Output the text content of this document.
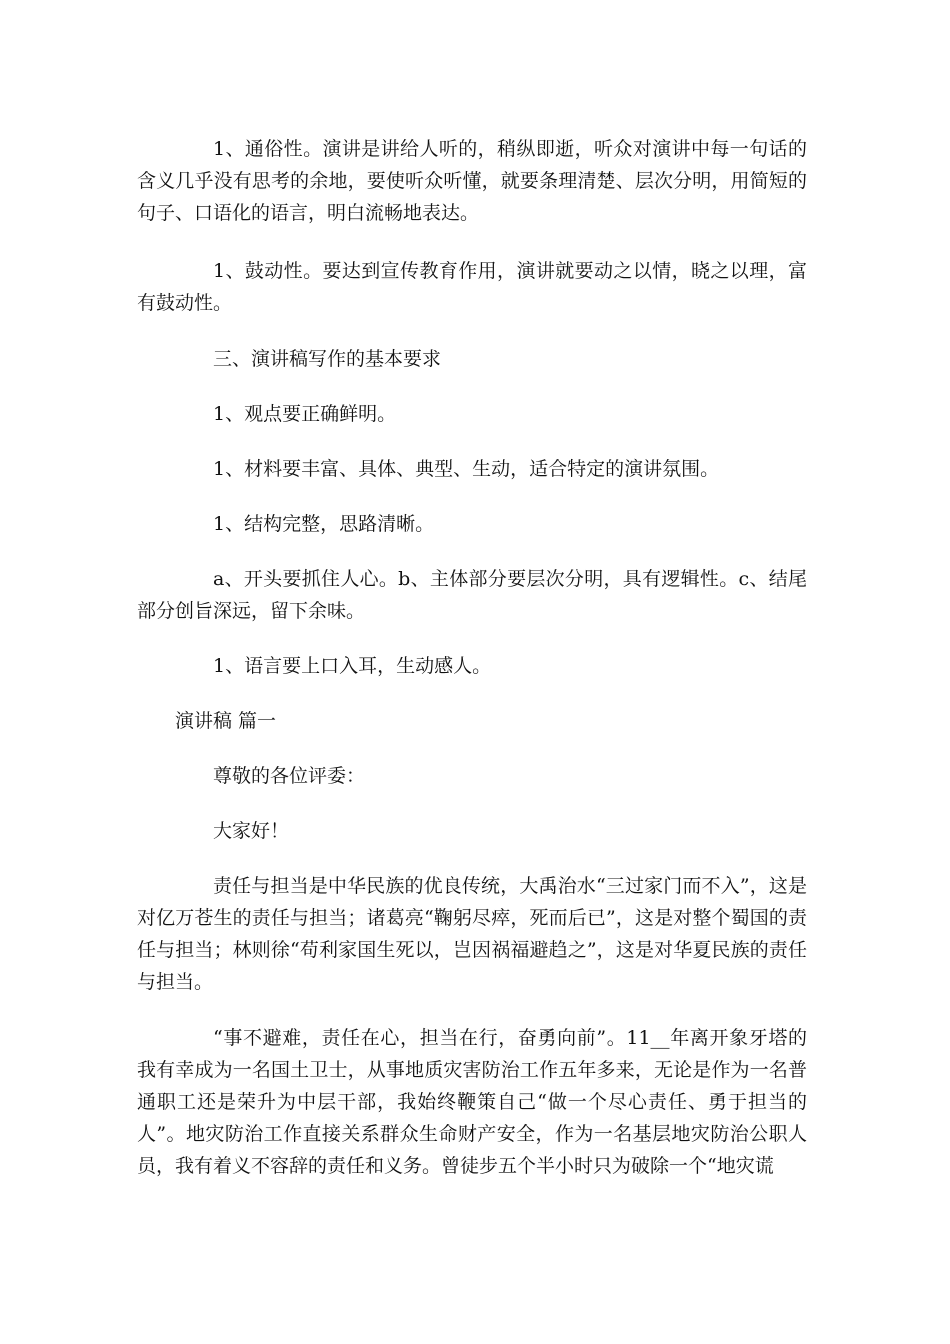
1、通俗性。演讲是讲给人听的，稍纵即逝，听众对演讲中每一句话的含义几乎没有思考的余地，要使听众听懂，就要条理清楚、层次分明，用简短的句子、口语化的语言，明白流畅地表达。

1、鼓动性。要达到宣传教育作用，演讲就要动之以情，晓之以理，富有鼓动性。

三、演讲稿写作的基本要求

1、观点要正确鲜明。

1、材料要丰富、具体、典型、生动，适合特定的演讲氛围。

1、结构完整，思路清晰。

a、开头要抓住人心。b、主体部分要层次分明，具有逻辑性。c、结尾部分创旨深远，留下余味。

1、语言要上口入耳，生动感人。

演讲稿 篇一

尊敬的各位评委：

大家好！

责任与担当是中华民族的优良传统，大禹治水“三过家门而不入”，这是对亿万苍生的责任与担当；诸葛亮“鞠躬尽瘁，死而后已”，这是对整个蜀国的责任与担当；林则徐“苟利家国生死以，岂因祸福避趋之”，这是对华夏民族的责任与担当。

“事不避难，责任在心，担当在行，奋勇向前”。11__年离开象牙塔的我有幸成为一名国土卫士，从事地质灾害防治工作五年多来，无论是作为一名普通职工还是荣升为中层干部，我始终鞭策自己“做一个尽心责任、勇于担当的人”。地灾防治工作直接关系群众生命财产安全，作为一名基层地灾防治公职人员，我有着义不容辞的责任和义务。曾徒步五个半小时只为破除一个“地灾谎
